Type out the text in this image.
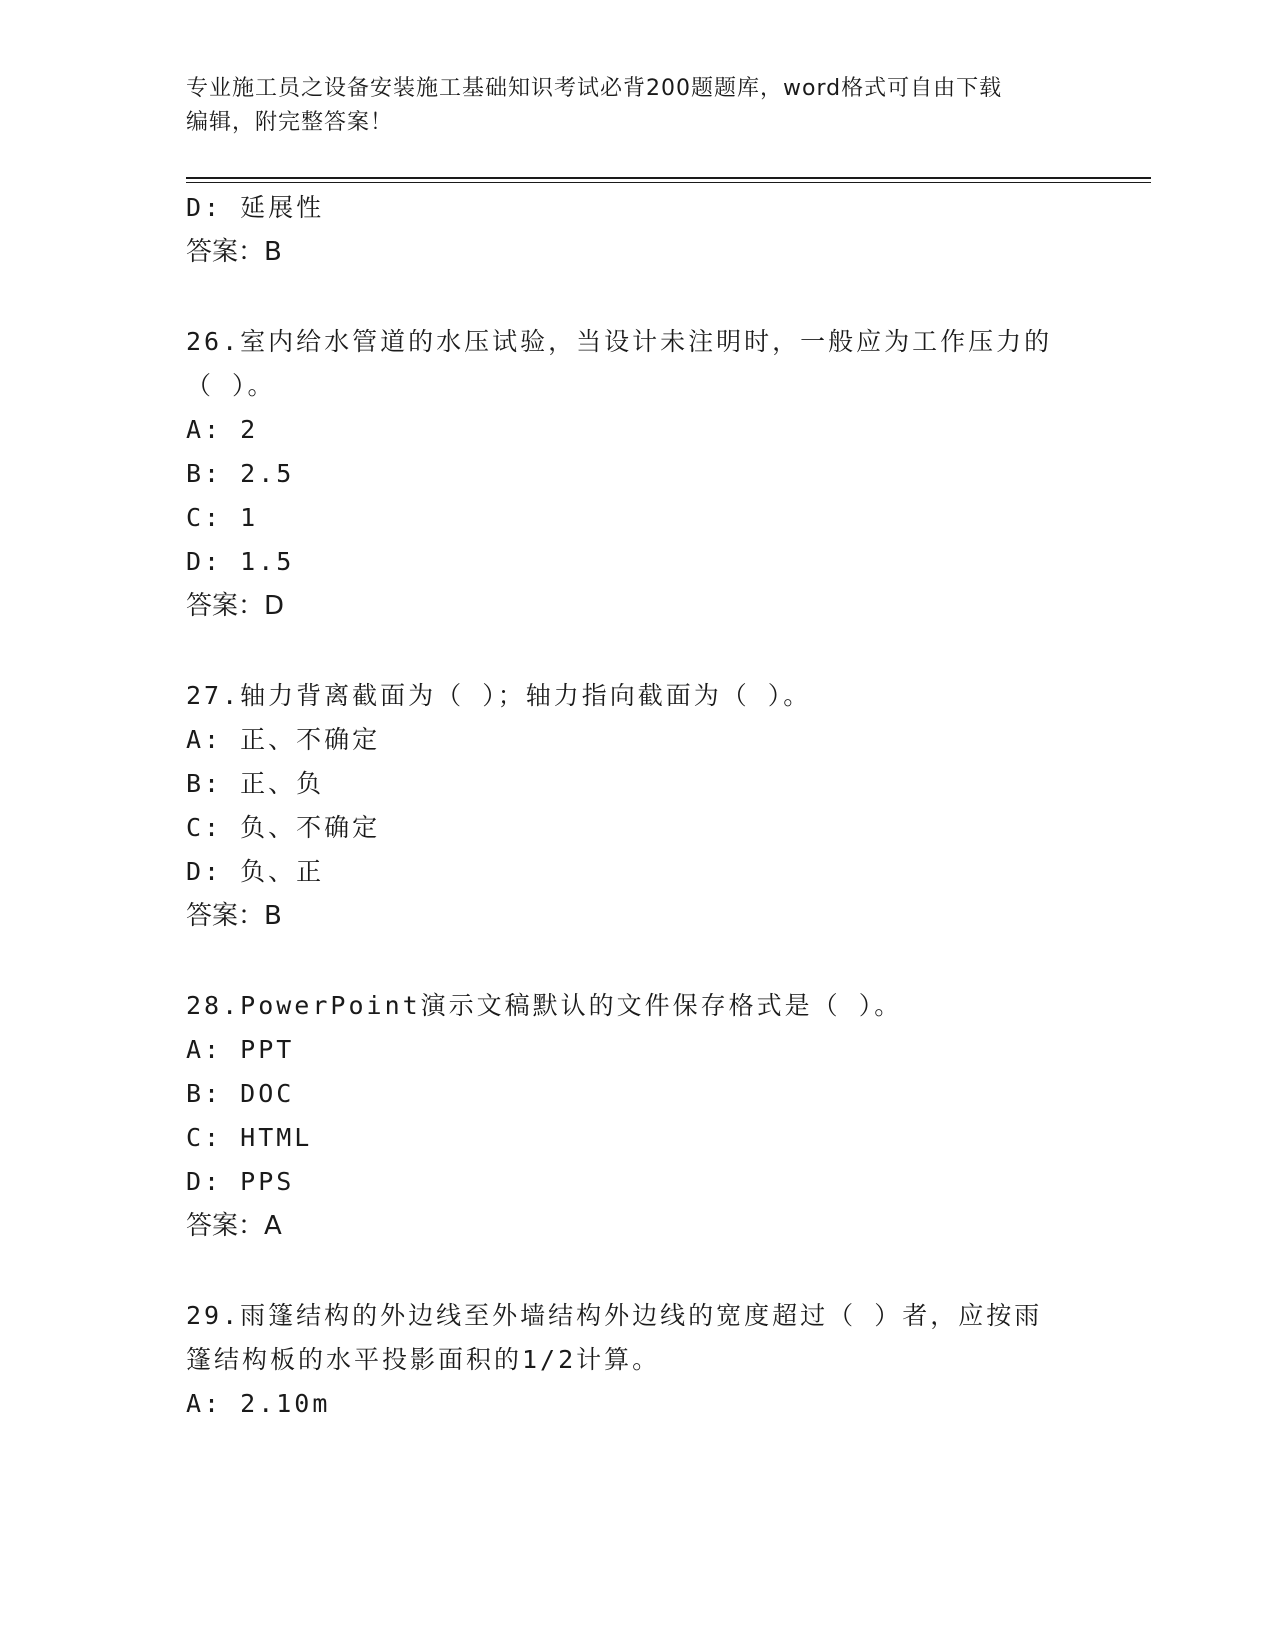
专业施工员之设备安装施工基础知识考试必背200题题库，word格式可自由下载
编辑，附完整答案！
D: 延展性
答案：B
26.室内给水管道的水压试验，当设计未注明时，一般应为工作压力的
（ ）。
A: 2
B: 2.5
C: 1
D: 1.5
答案：D
27.轴力背离截面为（ ）；轴力指向截面为（ ）。
A: 正、不确定
B: 正、负
C: 负、不确定
D: 负、正
答案：B
28.PowerPoint演示文稿默认的文件保存格式是（ ）。
A: PPT
B: DOC
C: HTML
D: PPS
答案：A
29.雨篷结构的外边线至外墙结构外边线的宽度超过（ ）者，应按雨
篷结构板的水平投影面积的1/2计算。
A: 2.10m
